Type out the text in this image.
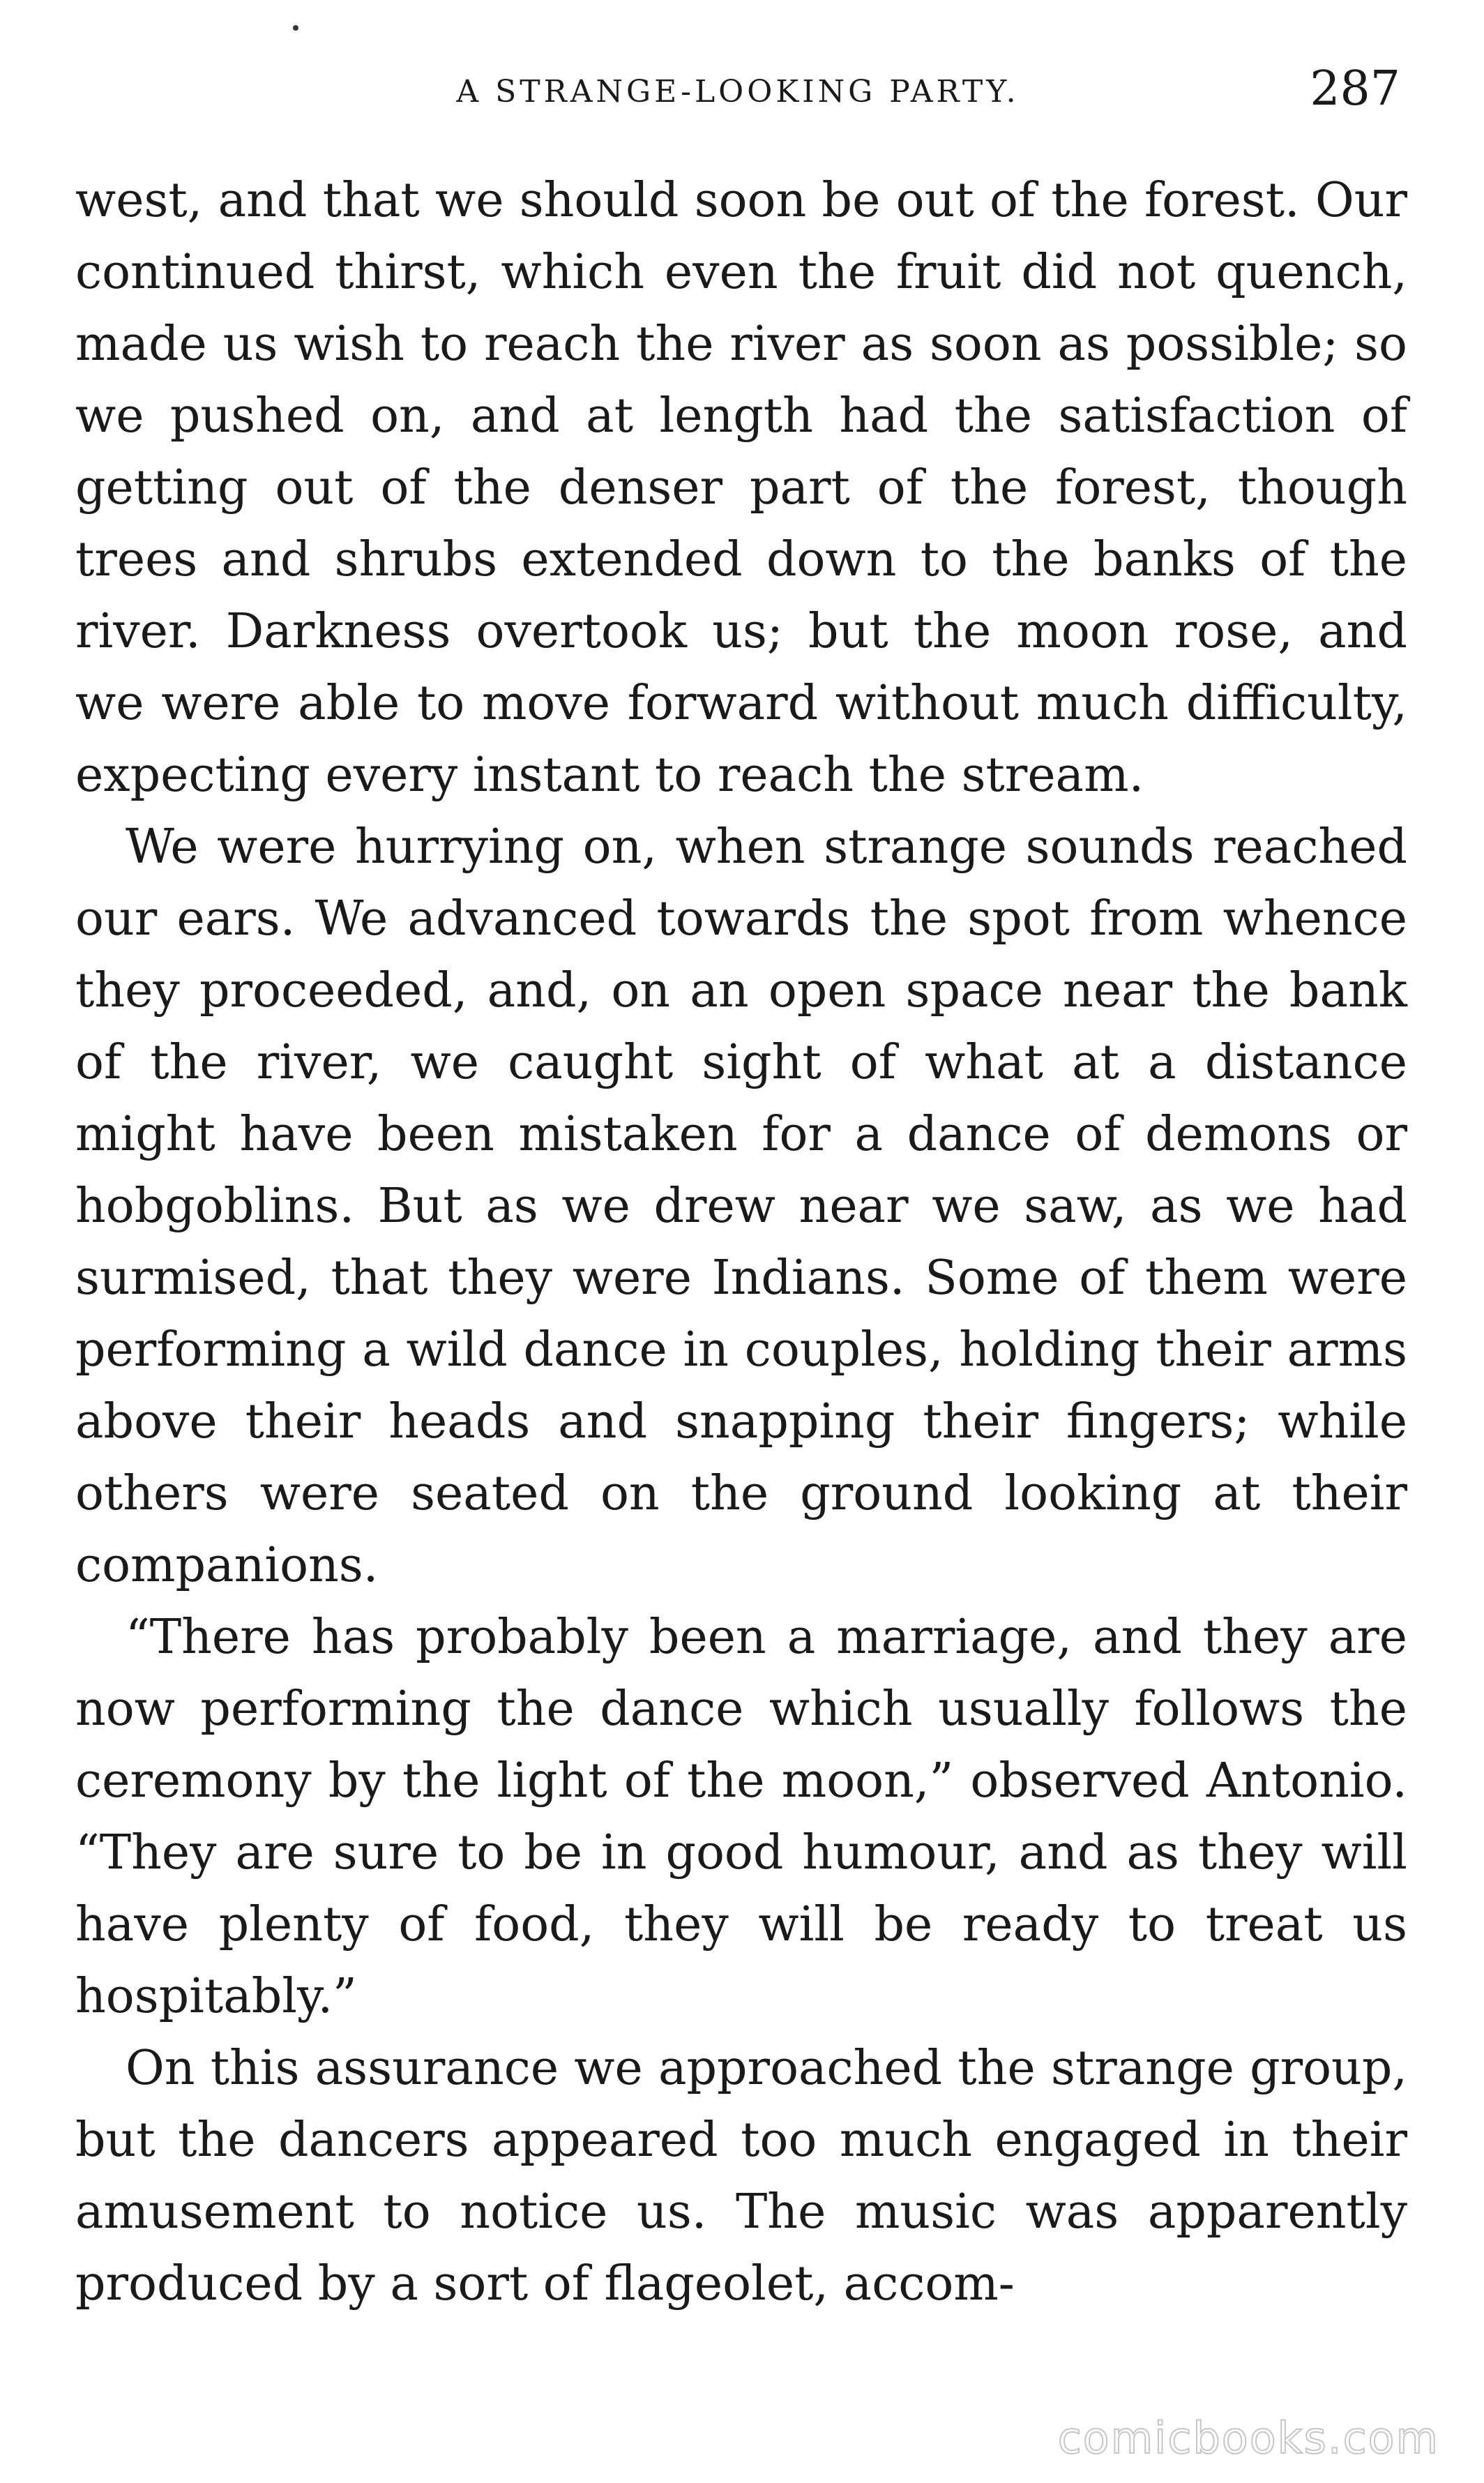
A STRANGE-LOOKING PARTY.	287

west, and that we should soon be out of the forest. Our continued thirst, which even the fruit did not quench, made us wish to reach the river as soon as possible; so we pushed on, and at length had the satisfaction of getting out of the denser part of the forest, though trees and shrubs extended down to the banks of the river. Darkness overtook us; but the moon rose, and we were able to move forward without much difficulty, expecting every instant to reach the stream.

We were hurrying on, when strange sounds reached our ears. We advanced towards the spot from whence they proceeded, and, on an open space near the bank of the river, we caught sight of what at a distance might have been mistaken for a dance of demons or hobgoblins. But as we drew near we saw, as we had surmised, that they were Indians. Some of them were performing a wild dance in couples, holding their arms above their heads and snapping their fingers; while others were seated on the ground looking at their companions.

“There has probably been a marriage, and they are now performing the dance which usually follows the ceremony by the light of the moon,” observed Antonio. “They are sure to be in good humour, and as they will have plenty of food, they will be ready to treat us hospitably.”

On this assurance we approached the strange group, but the dancers appeared too much engaged in their amusement to notice us. The music was apparently produced by a sort of flageolet, accom-

comicbooks.com
